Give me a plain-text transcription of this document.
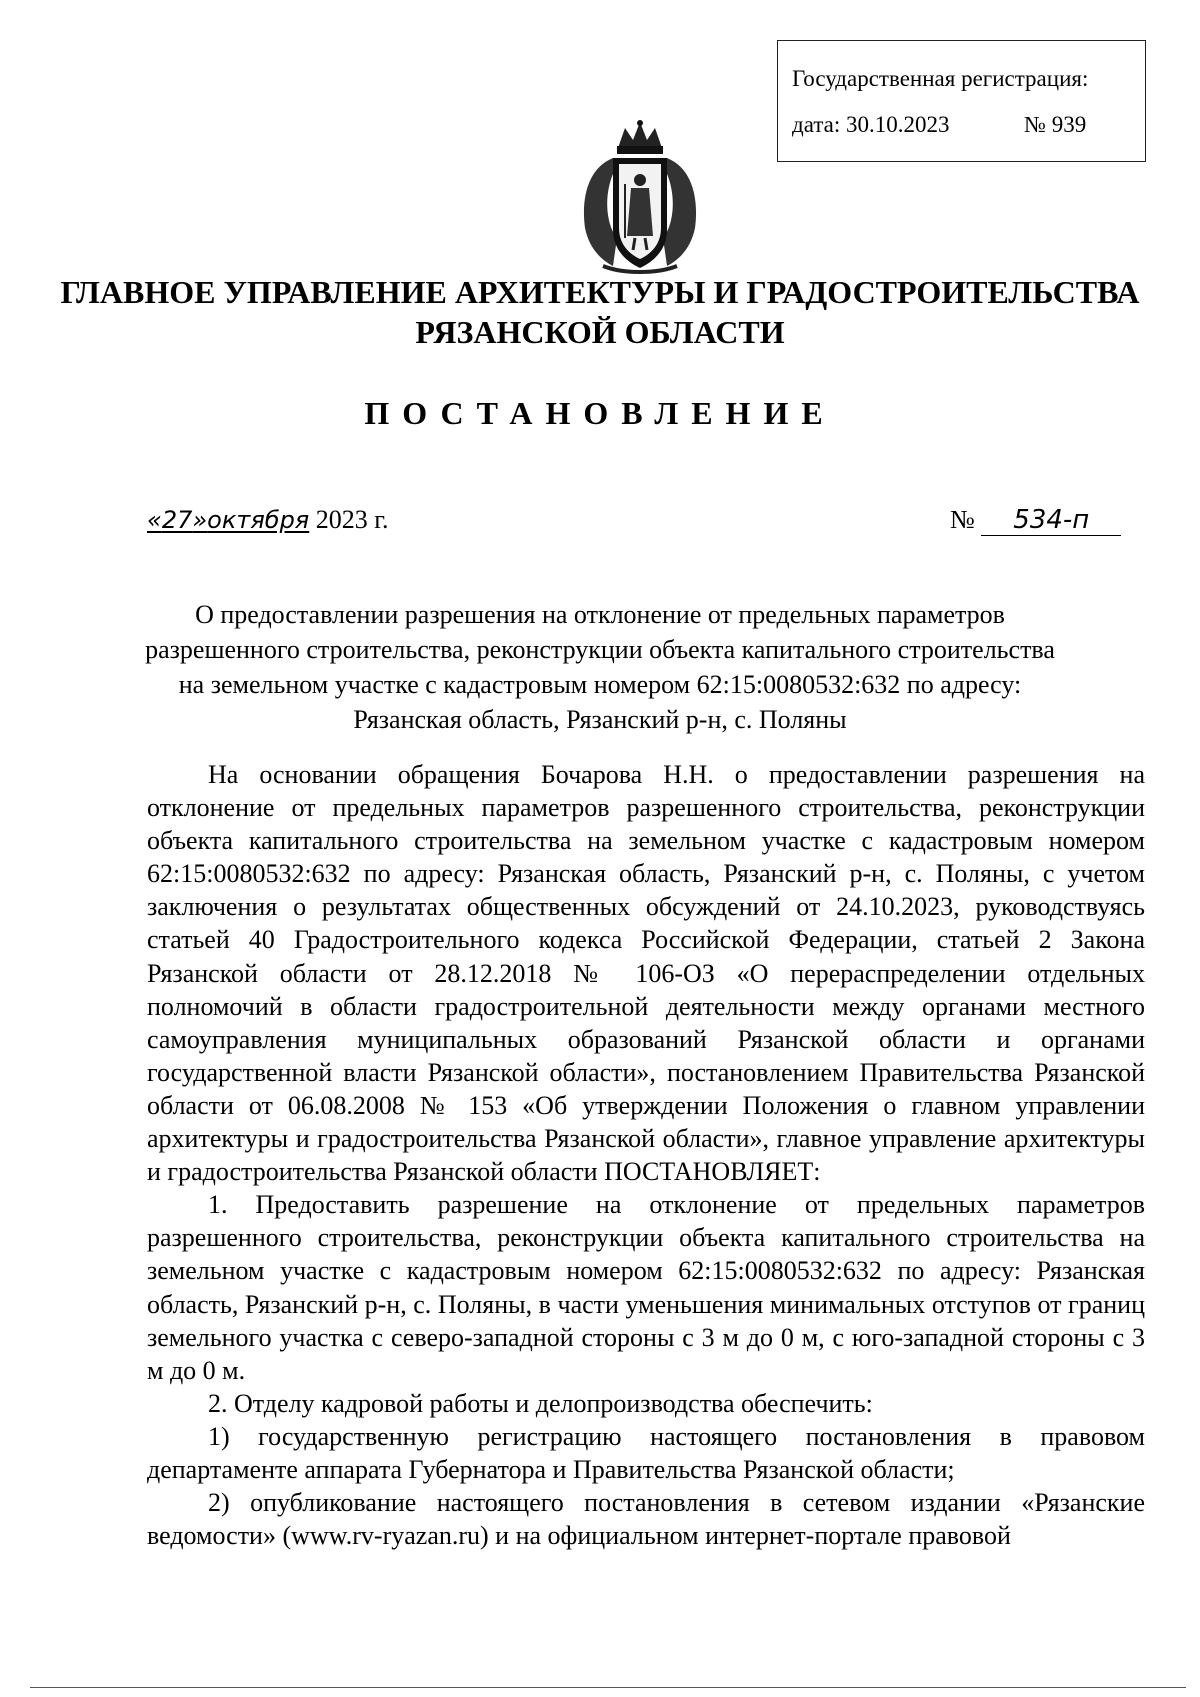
Государственная регистрация:
дата: 30.10.2023	№ 939
ГЛАВНОЕ УПРАВЛЕНИЕ АРХИТЕКТУРЫ И ГРАДОСТРОИТЕЛЬСТВА
РЯЗАНСКОЙ ОБЛАСТИ
ПОСТАНОВЛЕНИЕ
«27»октября 2023 г.	№ 534-п
О предоставлении разрешения на отклонение от предельных параметров
разрешенного строительства, реконструкции объекта капитального строительства
на земельном участке с кадастровым номером 62:15:0080532:632 по адресу:
Рязанская область, Рязанский р-н, с. Поляны

На основании обращения Бочарова Н.Н. о предоставлении разрешения на отклонение от предельных параметров разрешенного строительства, реконструкции объекта капитального строительства на земельном участке с кадастровым номером 62:15:0080532:632 по адресу: Рязанская область, Рязанский р-н, с. Поляны, с учетом заключения о результатах общественных обсуждений от 24.10.2023, руководствуясь статьей 40 Градостроительного кодекса Российской Федерации, статьей 2 Закона Рязанской области от 28.12.2018 № 106-ОЗ «О перераспределении отдельных полномочий в области градостроительной деятельности между органами местного самоуправления муниципальных образований Рязанской области и органами государственной власти Рязанской области», постановлением Правительства Рязанской области от 06.08.2008 № 153 «Об утверждении Положения о главном управлении архитектуры и градостроительства Рязанской области», главное управление архитектуры и градостроительства Рязанской области ПОСТАНОВЛЯЕТ:

1. Предоставить разрешение на отклонение от предельных параметров разрешенного строительства, реконструкции объекта капитального строительства на земельном участке с кадастровым номером 62:15:0080532:632 по адресу: Рязанская область, Рязанский р-н, с. Поляны, в части уменьшения минимальных отступов от границ земельного участка с северо-западной стороны с 3 м до 0 м, с юго-западной стороны с 3 м до 0 м.

2. Отделу кадровой работы и делопроизводства обеспечить:

1) государственную регистрацию настоящего постановления в правовом департаменте аппарата Губернатора и Правительства Рязанской области;

2) опубликование настоящего постановления в сетевом издании «Рязанские ведомости» (www.rv-ryazan.ru) и на официальном интернет-портале правовой
